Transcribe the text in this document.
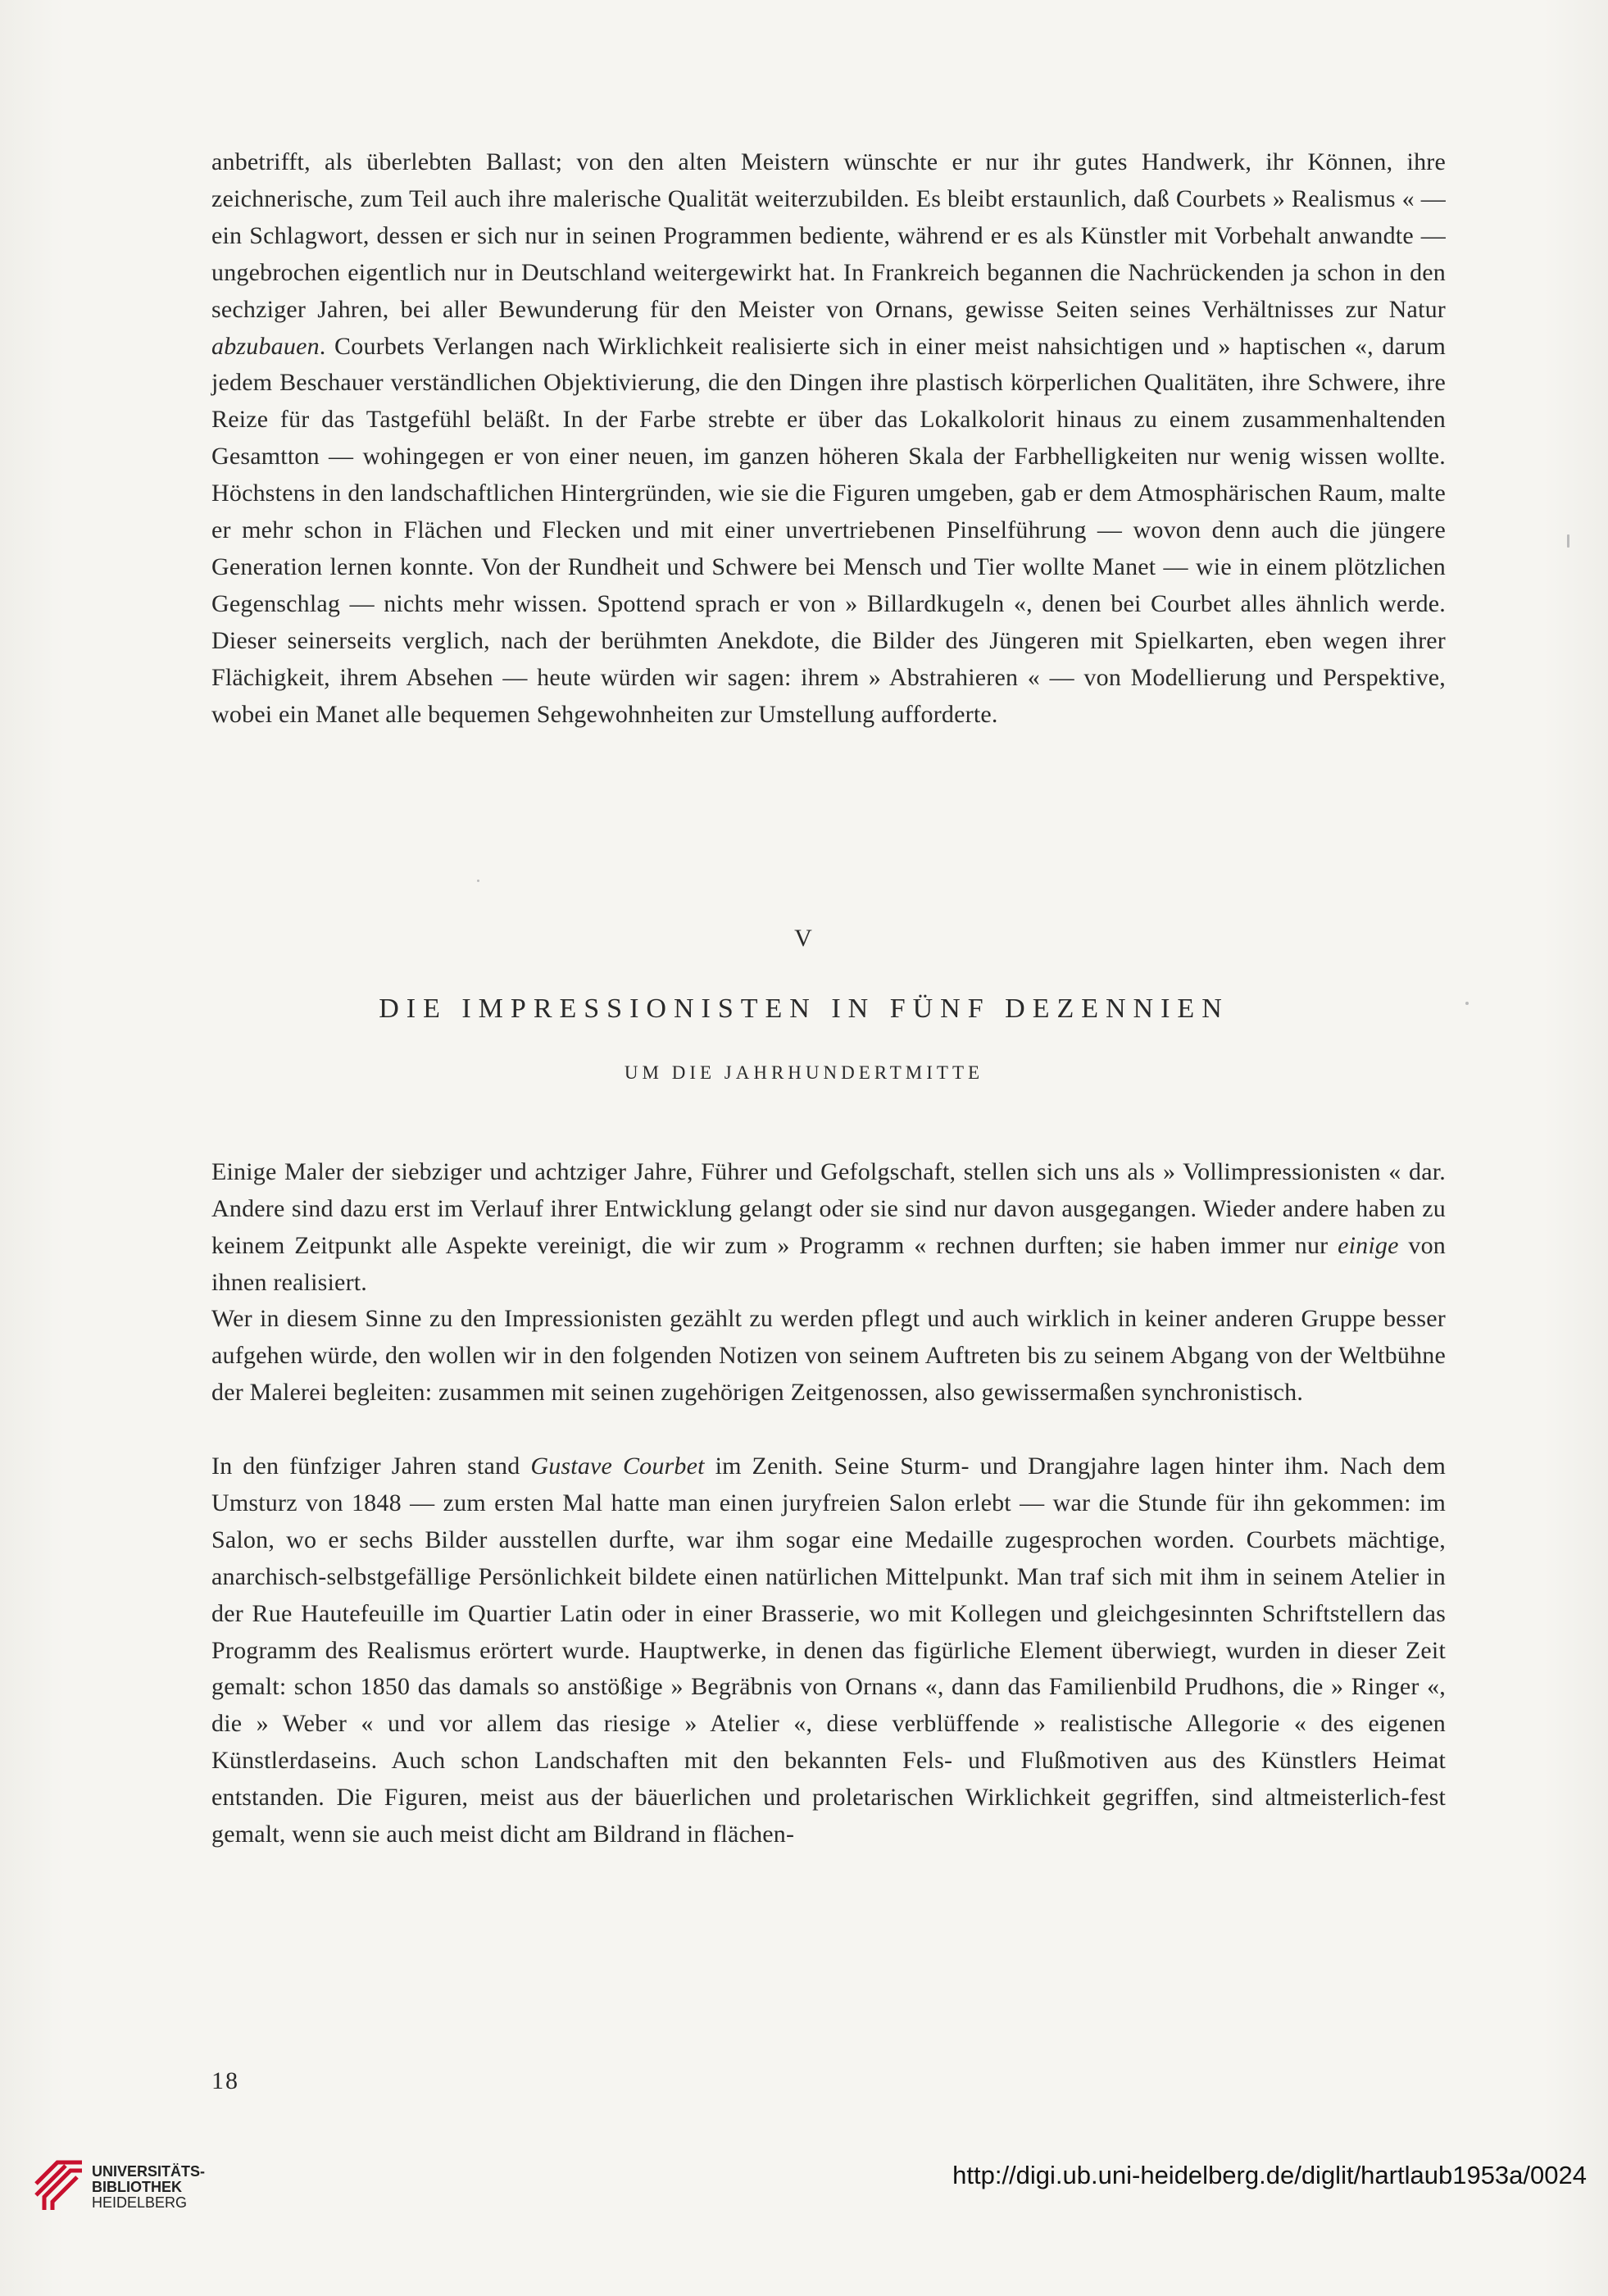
anbetrifft, als überlebten Ballast; von den alten Meistern wünschte er nur ihr gutes Handwerk, ihr Können, ihre zeichnerische, zum Teil auch ihre malerische Qualität weiterzubilden. Es bleibt erstaunlich, daß Courbets » Realismus « — ein Schlagwort, dessen er sich nur in seinen Programmen bediente, während er es als Künstler mit Vorbehalt anwandte — ungebrochen eigentlich nur in Deutschland weitergewirkt hat. In Frankreich begannen die Nachrückenden ja schon in den sechziger Jahren, bei aller Bewunderung für den Meister von Ornans, gewisse Seiten seines Verhältnisses zur Natur abzubauen. Courbets Verlangen nach Wirklichkeit realisierte sich in einer meist nahsichtigen und » haptischen «, darum jedem Beschauer verständlichen Objektivierung, die den Dingen ihre plastisch körperlichen Qualitäten, ihre Schwere, ihre Reize für das Tastgefühl beläßt. In der Farbe strebte er über das Lokalkolorit hinaus zu einem zusammenhaltenden Gesamtton — wohingegen er von einer neuen, im ganzen höheren Skala der Farbhelligkeiten nur wenig wissen wollte. Höchstens in den landschaftlichen Hintergründen, wie sie die Figuren umgeben, gab er dem Atmosphärischen Raum, malte er mehr schon in Flächen und Flecken und mit einer unvertriebenen Pinselführung — wovon denn auch die jüngere Generation lernen konnte. Von der Rundheit und Schwere bei Mensch und Tier wollte Manet — wie in einem plötzlichen Gegenschlag — nichts mehr wissen. Spottend sprach er von » Billardkugeln «, denen bei Courbet alles ähnlich werde. Dieser seinerseits verglich, nach der berühmten Anekdote, die Bilder des Jüngeren mit Spielkarten, eben wegen ihrer Flächigkeit, ihrem Absehen — heute würden wir sagen: ihrem » Abstrahieren « — von Modellierung und Perspektive, wobei ein Manet alle bequemen Sehgewohnheiten zur Umstellung aufforderte.

V
DIE IMPRESSIONISTEN IN FÜNF DEZENNIEN
UM DIE JAHRHUNDERTMITTE

Einige Maler der siebziger und achtziger Jahre, Führer und Gefolgschaft, stellen sich uns als » Vollimpressionisten « dar. Andere sind dazu erst im Verlauf ihrer Entwicklung gelangt oder sie sind nur davon ausgegangen. Wieder andere haben zu keinem Zeitpunkt alle Aspekte vereinigt, die wir zum » Programm « rechnen durften; sie haben immer nur einige von ihnen realisiert.

Wer in diesem Sinne zu den Impressionisten gezählt zu werden pflegt und auch wirklich in keiner anderen Gruppe besser aufgehen würde, den wollen wir in den folgenden Notizen von seinem Auftreten bis zu seinem Abgang von der Weltbühne der Malerei begleiten: zusammen mit seinen zugehörigen Zeitgenossen, also gewissermaßen synchronistisch.

In den fünfziger Jahren stand Gustave Courbet im Zenith. Seine Sturm- und Drangjahre lagen hinter ihm. Nach dem Umsturz von 1848 — zum ersten Mal hatte man einen juryfreien Salon erlebt — war die Stunde für ihn gekommen: im Salon, wo er sechs Bilder ausstellen durfte, war ihm sogar eine Medaille zugesprochen worden. Courbets mächtige, anarchisch-selbstgefällige Persönlichkeit bildete einen natürlichen Mittelpunkt. Man traf sich mit ihm in seinem Atelier in der Rue Hautefeuille im Quartier Latin oder in einer Brasserie, wo mit Kollegen und gleichgesinnten Schriftstellern das Programm des Realismus erörtert wurde. Hauptwerke, in denen das figürliche Element überwiegt, wurden in dieser Zeit gemalt: schon 1850 das damals so anstößige » Begräbnis von Ornans «, dann das Familienbild Prudhons, die » Ringer «, die » Weber « und vor allem das riesige » Atelier «, diese verblüffende » realistische Allegorie « des eigenen Künstlerdaseins. Auch schon Landschaften mit den bekannten Fels- und Flußmotiven aus des Künstlers Heimat entstanden. Die Figuren, meist aus der bäuerlichen und proletarischen Wirklichkeit gegriffen, sind altmeisterlich-fest gemalt, wenn sie auch meist dicht am Bildrand in flächen-

18
UNIVERSITÄTS-
BIBLIOTHEK
HEIDELBERG
http://digi.ub.uni-heidelberg.de/diglit/hartlaub1953a/0024
